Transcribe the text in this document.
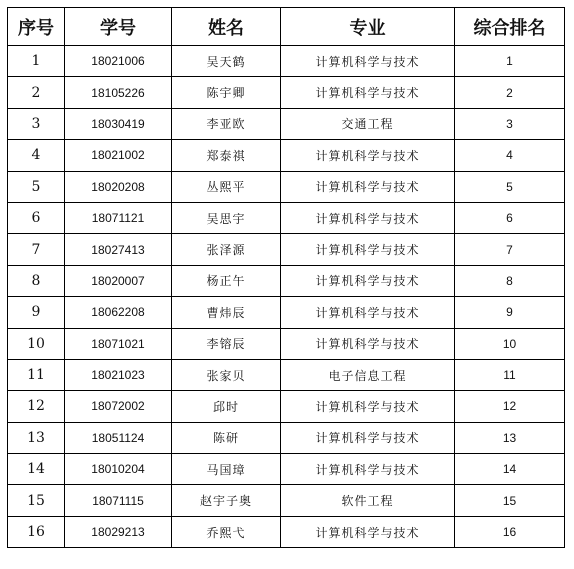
序号	学号	姓名	专业	综合排名
1	18021006	吴天鹤	计算机科学与技术	1
2	18105226	陈宇卿	计算机科学与技术	2
3	18030419	李亚欧	交通工程	3
4	18021002	郑泰祺	计算机科学与技术	4
5	18020208	丛熙平	计算机科学与技术	5
6	18071121	吴思宇	计算机科学与技术	6
7	18027413	张泽源	计算机科学与技术	7
8	18020007	杨正午	计算机科学与技术	8
9	18062208	曹炜辰	计算机科学与技术	9
10	18071021	李镕辰	计算机科学与技术	10
11	18021023	张家贝	电子信息工程	11
12	18072002	邱时	计算机科学与技术	12
13	18051124	陈研	计算机科学与技术	13
14	18010204	马国璋	计算机科学与技术	14
15	18071115	赵宇子奥	软件工程	15
16	18029213	乔熙弋	计算机科学与技术	16
